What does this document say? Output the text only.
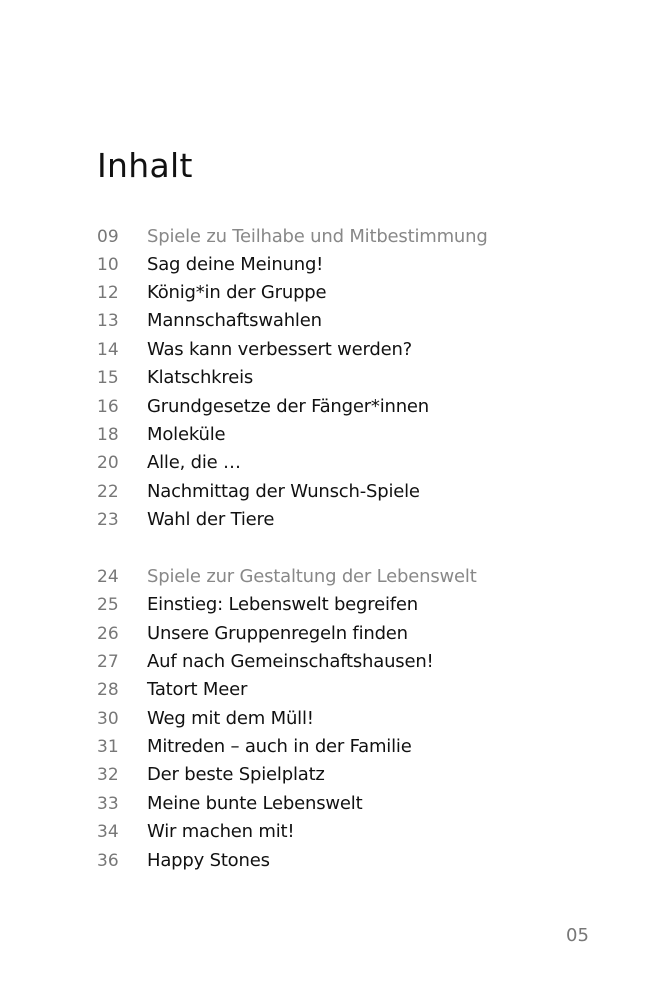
Inhalt
09	Spiele zu Teilhabe und Mitbestimmung
10	Sag deine Meinung!
12	König*in der Gruppe
13	Mannschaftswahlen
14	Was kann verbessert werden?
15	Klatschkreis
16	Grundgesetze der Fänger*innen
18	Moleküle
20	Alle, die …
22	Nachmittag der Wunsch-Spiele
23	Wahl der Tiere
24	Spiele zur Gestaltung der Lebenswelt
25	Einstieg: Lebenswelt begreifen
26	Unsere Gruppenregeln finden
27	Auf nach Gemeinschaftshausen!
28	Tatort Meer
30	Weg mit dem Müll!
31	Mitreden – auch in der Familie
32	Der beste Spielplatz
33	Meine bunte Lebenswelt
34	Wir machen mit!
36	Happy Stones
05
